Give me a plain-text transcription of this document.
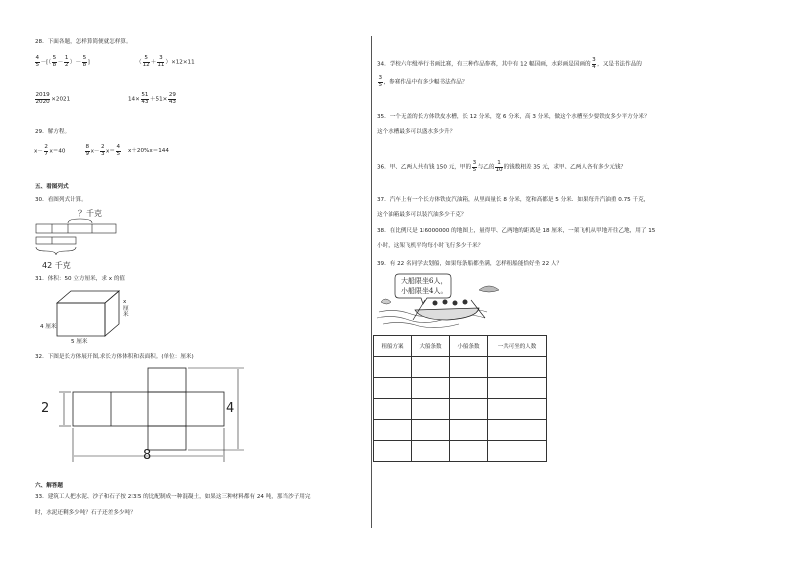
28．下面各题，怎样算简便就怎样算。
$\frac{4}{5}$ －[（ $\frac{5}{8} - \frac{1}{2}$ ）－ $\frac{5}{8}$ ]	（ $\frac{5}{12} + \frac{3}{11} )\times 12\times 11$
$\frac{2019}{2020} \times 2021$	$14\times \frac{51}{43} +51\times \frac{29}{43}$
29．解方程。
$x- \frac{2}{7} x=40$	$\frac{8}{9} x- \frac{2}{3} x= \frac{4}{5} x+20\%x=144$
五、看图列式
30．看图列式计算。
？千克
42 千克
31．体积：50 立方厘米，求 x 的值
4 厘米
x
厘米
5 厘米
32．下图是长方体展开图,求长方体体积和表面积。(单位：厘米)
2	4
8
六、解答题
33．建筑工人把水泥、沙子和石子按 2∶3∶5 的比配制成一种混凝土，如果这三种材料都有 24 吨，那当沙子用完
时，水泥还剩多少吨？石子还差多少吨？
34．学校六年级举行书画比赛，有三种作品参赛，其中有 12 幅国画，水彩画是国画的 $\frac{3}{4}$ ，又是书法作品的
$\frac{3}{5}$ ，参赛作品中有多少幅书法作品？
35．一个无盖的长方体铁皮水槽，长 12 分米，宽 6 分米，高 3 分米，做这个水槽至少要铁皮多少平方分米？
这个水槽最多可以盛水多少升？
36．甲、乙两人共有钱 150 元，甲的 $\frac{3}{5}$ 与乙的 $\frac{1}{10}$ 的钱数相差 35 元，求甲、乙两人各有多少元钱？
37．汽车上有一个长方体铁皮汽油箱，从里面量长 8 分米，宽和高都是 5 分米．如果每升汽油重 0.75 千克，
这个油箱最多可以装汽油多少千克？
38．在比例尺是 1∶6000000 的地图上，量得甲、乙两地的距离是 18 厘米，一架飞机从甲地开往乙地，用了 15
小时，这架飞机平均每小时飞行多少千米？
39．有 22 名同学去划船，如果每条船都坐满，怎样租船能恰好坐 22 人？
大船限坐6人，
小船限坐4人。
租船方案	大船条数	小船条数	一共可坐的人数
